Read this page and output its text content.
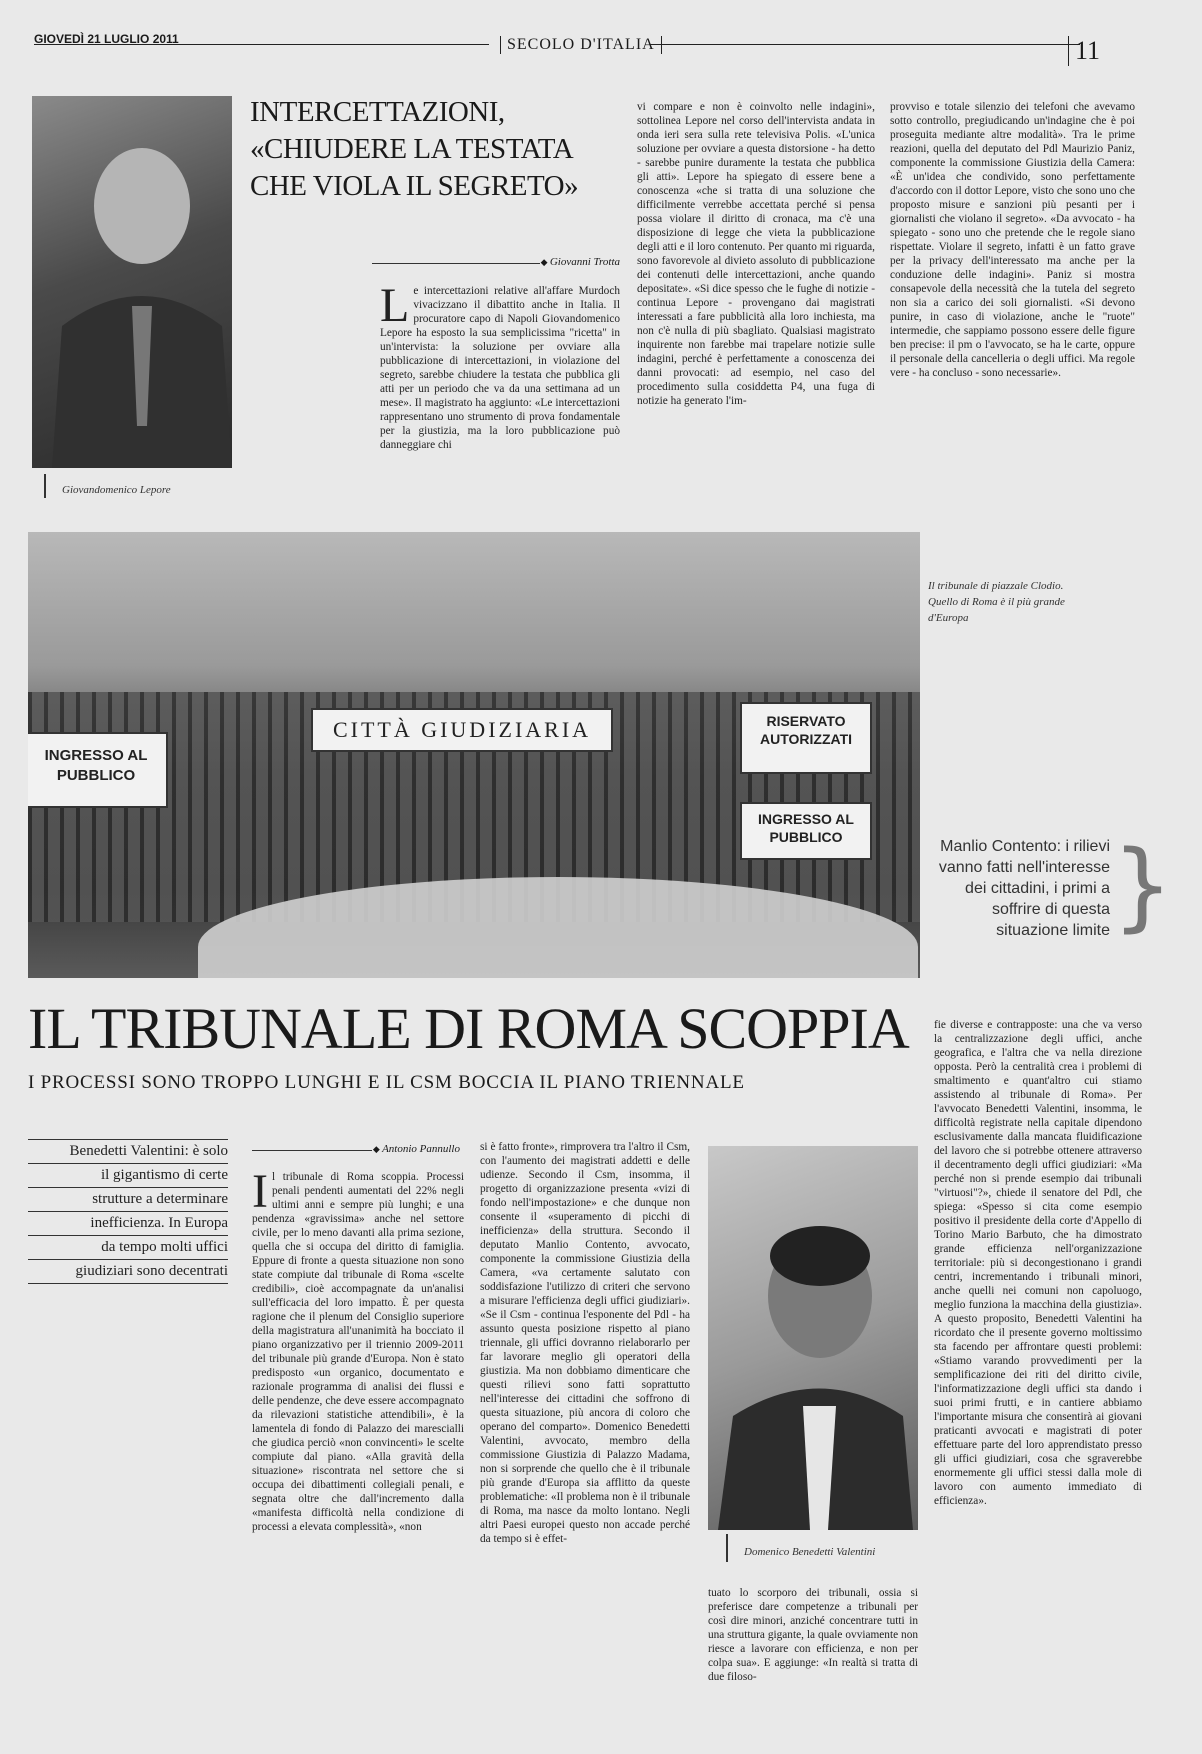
GIOVEDÌ 21 LUGLIO 2011	SECOLO D'ITALIA	11
Giovandomenico Lepore
INTERCETTAZIONI, «CHIUDERE LA TESTATA CHE VIOLA IL SEGRETO»
◆ Giovanni Trotta
Le intercettazioni relative all'affare Murdoch vivacizzano il dibattito anche in Italia. Il procuratore capo di Napoli Giovandomenico Lepore ha esposto la sua semplicissima "ricetta" in un'intervista: la soluzione per ovviare alla pubblicazione di intercettazioni, in violazione del segreto, sarebbe chiudere la testata che pubblica gli atti per un periodo che va da una settimana ad un mese». Il magistrato ha aggiunto: «Le intercettazioni rappresentano uno strumento di prova fondamentale per la giustizia, ma la loro pubblicazione può danneggiare chi

vi compare e non è coinvolto nelle indagini», sottolinea Lepore nel corso dell'intervista andata in onda ieri sera sulla rete televisiva Polis. «L'unica soluzione per ovviare a questa distorsione - ha detto - sarebbe punire duramente la testata che pubblica gli atti». Lepore ha spiegato di essere bene a conoscenza «che si tratta di una soluzione che difficilmente verrebbe accettata perché si pensa possa violare il diritto di cronaca, ma c'è una disposizione di legge che vieta la pubblicazione degli atti e il loro contenuto. Per quanto mi riguarda, sono favorevole al divieto assoluto di pubblicazione dei contenuti delle intercettazioni, anche quando depositate». «Si dice spesso che le fughe di notizie - continua Lepore - provengano dai magistrati interessati a fare pubblicità alla loro inchiesta, ma non c'è nulla di più sbagliato. Qualsiasi magistrato inquirente non farebbe mai trapelare notizie sulle indagini, perché è perfettamente a conoscenza dei danni provocati: ad esempio, nel caso del procedimento sulla cosiddetta P4, una fuga di notizie ha generato l'im-

provviso e totale silenzio dei telefoni che avevamo sotto controllo, pregiudicando un'indagine che è poi proseguita mediante altre modalità». Tra le prime reazioni, quella del deputato del Pdl Maurizio Paniz, componente la commissione Giustizia della Camera: «È un'idea che condivido, sono perfettamente d'accordo con il dottor Lepore, visto che sono uno che proposto misure e sanzioni più pesanti per i giornalisti che violano il segreto». «Da avvocato - ha spiegato - sono uno che pretende che le regole siano rispettate. Violare il segreto, infatti è un fatto grave per la privacy dell'interessato ma anche per la conduzione delle indagini». Paniz si mostra consapevole della necessità che la tutela del segreto non sia a carico dei soli giornalisti. «Si devono punire, in caso di violazione, anche le "ruote" intermedie, che sappiamo possono essere delle figure ben precise: il pm o l'avvocato, se ha le carte, oppure il personale della cancelleria o degli uffici. Ma regole vere - ha concluso - sono necessarie».

INGRESSO AL PUBBLICO
CITTÀ GIUDIZIARIA	RISERVATO AUTORIZZATI
INGRESSO AL PUBBLICO
Il tribunale di piazzale Clodio. Quello di Roma è il più grande d'Europa
Manlio Contento: i rilievi vanno fatti nell'interesse dei cittadini, i primi a soffrire di questa situazione limite }
IL TRIBUNALE DI ROMA SCOPPIA
I PROCESSI SONO TROPPO LUNGHI E IL CSM BOCCIA IL PIANO TRIENNALE
Benedetti Valentini: è solo
il gigantismo di certe
strutture a determinare
inefficienza. In Europa
da tempo molti uffici
giudiziari sono decentrati
◆ Antonio Pannullo
Il tribunale di Roma scoppia. Processi penali pendenti aumentati del 22% negli ultimi anni e sempre più lunghi; e una pendenza «gravissima» anche nel settore civile, per lo meno davanti alla prima sezione, quella che si occupa del diritto di famiglia. Eppure di fronte a questa situazione non sono state compiute dal tribunale di Roma «scelte credibili», cioè accompagnate da un'analisi sull'efficacia del loro impatto. È per questa ragione che il plenum del Consiglio superiore della magistratura all'unanimità ha bocciato il piano organizzativo per il triennio 2009-2011 del tribunale più grande d'Europa. Non è stato predisposto «un organico, documentato e razionale programma di analisi dei flussi e delle pendenze, che deve essere accompagnato da rilevazioni statistiche attendibili», è la lamentela di fondo di Palazzo dei marescialli che giudica perciò «non convincenti» le scelte compiute dal piano. «Alla gravità della situazione» riscontrata nel settore che si occupa dei dibattimenti collegiali penali, e segnata oltre che dall'incremento dalla «manifesta difficoltà nella condizione di processi a elevata complessità», «non

si è fatto fronte», rimprovera tra l'altro il Csm, con l'aumento dei magistrati addetti e delle udienze. Secondo il Csm, insomma, il progetto di organizzazione presenta «vizi di fondo nell'impostazione» e che dunque non consente il «superamento di picchi di inefficienza» della struttura. Secondo il deputato Manlio Contento, avvocato, componente la commissione Giustizia della Camera, «va certamente salutato con soddisfazione l'utilizzo di criteri che servono a misurare l'efficienza degli uffici giudiziari». «Se il Csm - continua l'esponente del Pdl - ha assunto questa posizione rispetto al piano triennale, gli uffici dovranno rielaborarlo per far lavorare meglio gli operatori della giustizia. Ma non dobbiamo dimenticare che questi rilievi sono fatti soprattutto nell'interesse dei cittadini che soffrono di questa situazione, più ancora di coloro che operano del comparto». Domenico Benedetti Valentini, avvocato, membro della commissione Giustizia di Palazzo Madama, non si sorprende che quello che è il tribunale più grande d'Europa sia afflitto da queste problematiche: «Il problema non è il tribunale di Roma, ma nasce da molto lontano. Negli altri Paesi europei questo non accade perché da tempo si è effet-

Domenico Benedetti Valentini

tuato lo scorporo dei tribunali, ossia si preferisce dare competenze a tribunali per così dire minori, anziché concentrare tutti in una struttura gigante, la quale ovviamente non riesce a lavorare con efficienza, e non per colpa sua». E aggiunge: «In realtà si tratta di due filoso-

fie diverse e contrapposte: una che va verso la centralizzazione degli uffici, anche geografica, e l'altra che va nella direzione opposta. Però la centralità crea i problemi di smaltimento e quant'altro cui stiamo assistendo al tribunale di Roma». Per l'avvocato Benedetti Valentini, insomma, le difficoltà registrate nella capitale dipendono esclusivamente dalla mancata fluidificazione del lavoro che si potrebbe ottenere attraverso il decentramento degli uffici giudiziari: «Ma perché non si prende esempio dai tribunali "virtuosi"?», chiede il senatore del Pdl, che spiega: «Spesso si cita come esempio positivo il presidente della corte d'Appello di Torino Mario Barbuto, che ha dimostrato grande efficienza nell'organizzazione territoriale: più si decongestionano i grandi centri, incrementando i tribunali minori, anche quelli nei comuni non capoluogo, meglio funziona la macchina della giustizia». A questo proposito, Benedetti Valentini ha ricordato che il presente governo moltissimo sta facendo per affrontare questi problemi: «Stiamo varando provvedimenti per la semplificazione dei riti del diritto civile, l'informatizzazione degli uffici sta dando i suoi primi frutti, e in cantiere abbiamo l'importante misura che consentirà ai giovani praticanti avvocati e magistrati di poter effettuare parte del loro apprendistato presso gli uffici giudiziari, cosa che sgraverebbe enormemente gli uffici stessi dalla mole di lavoro con aumento immediato di efficienza».
